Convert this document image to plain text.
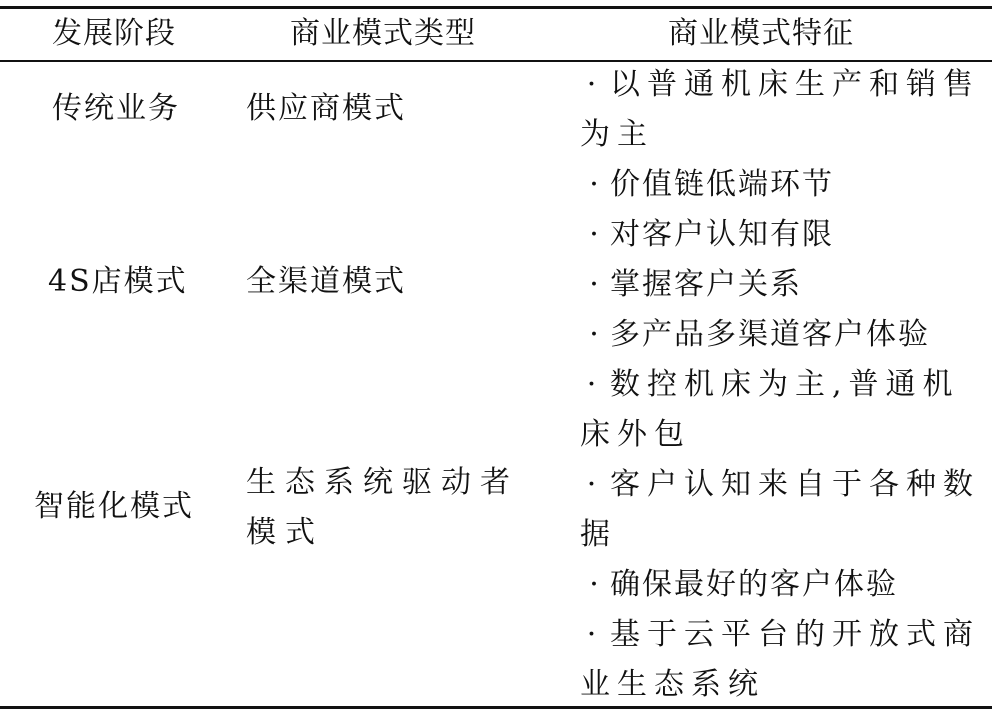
发展阶段	商业模式类型	商业模式特征
传统业务 供应商模式
4S店模式 全渠道模式
智能化模式
生态系统驱动者模式
· 以普通机床生产和销售为主
· 价值链低端环节
· 对客户认知有限
· 掌握客户关系
· 多产品多渠道客户体验
· 数控机床为主,普通机床外包
· 客户认知来自于各种数据
· 确保最好的客户体验
· 基于云平台的开放式商业生态系统
